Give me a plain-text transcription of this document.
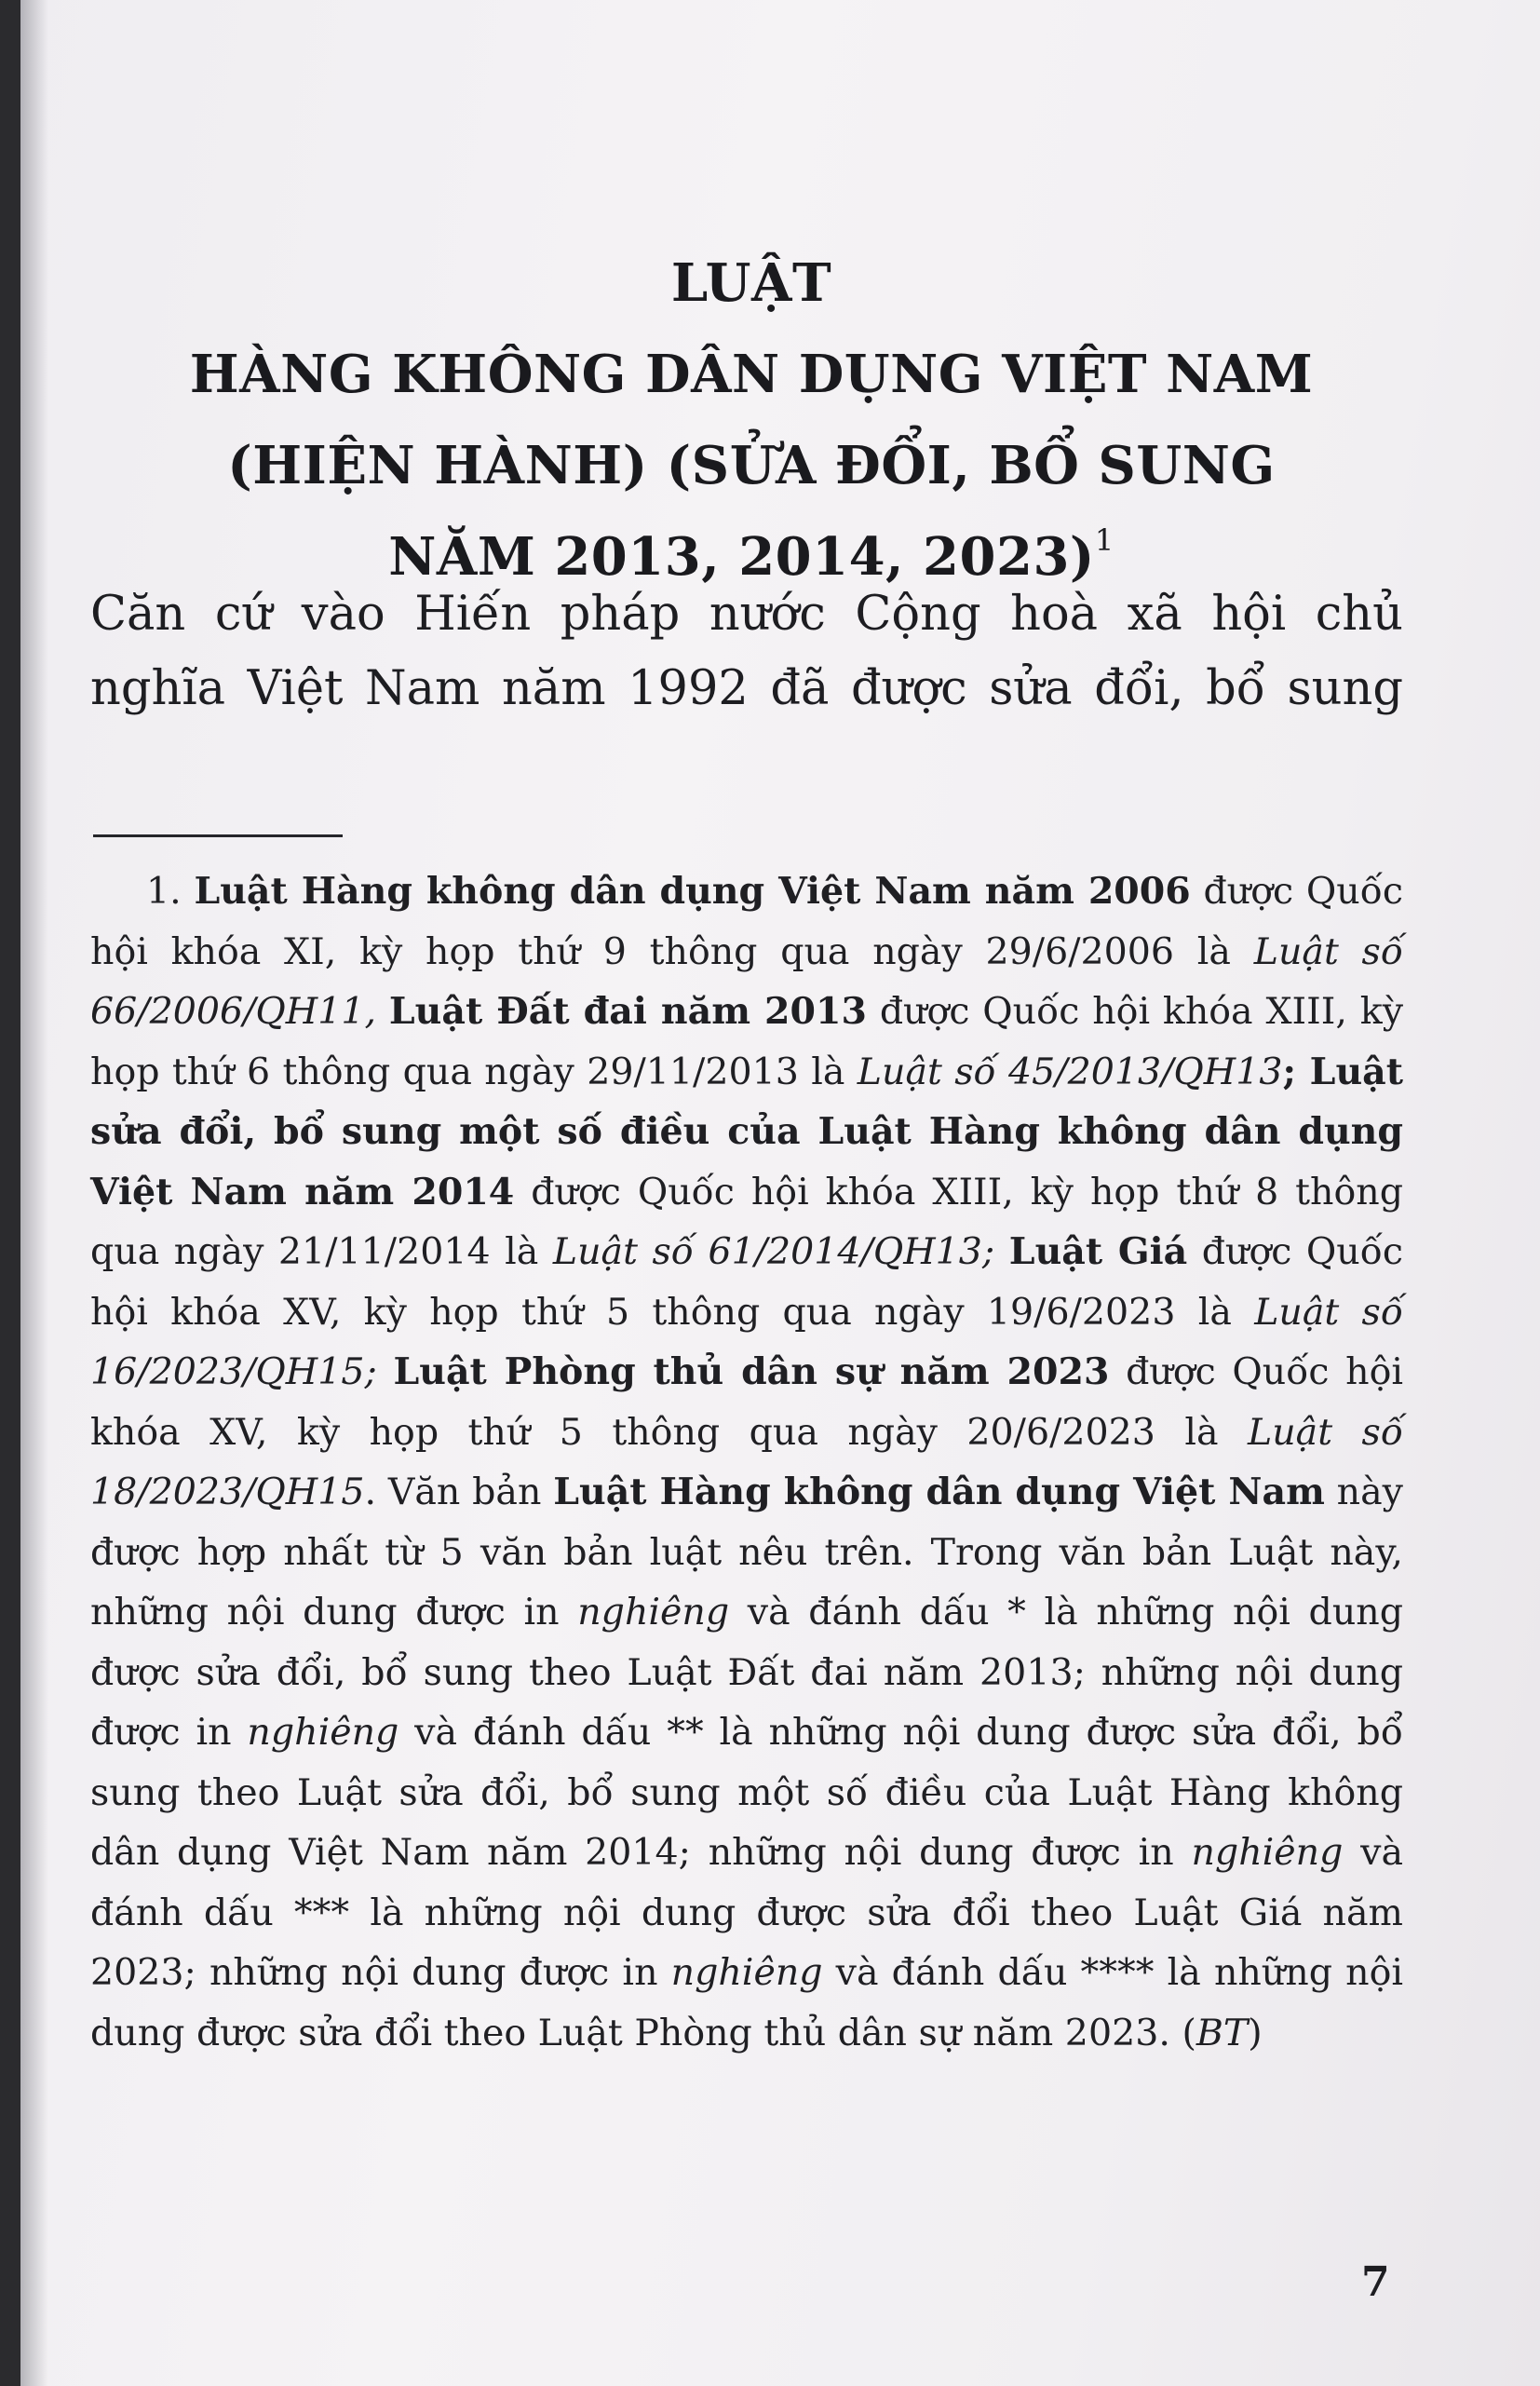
LUẬT
HÀNG KHÔNG DÂN DỤNG VIỆT NAM
(HIỆN HÀNH) (SỬA ĐỔI, BỔ SUNG
NĂM 2013, 2014, 2023)$^1$

Căn cứ vào Hiến pháp nước Cộng hoà xã hội chủ nghĩa Việt Nam năm 1992 đã được sửa đổi, bổ sung

1. Luật Hàng không dân dụng Việt Nam năm 2006 được Quốc hội khóa XI, kỳ họp thứ 9 thông qua ngày 29/6/2006 là Luật số 66/2006/QH11, Luật Đất đai năm 2013 được Quốc hội khóa XIII, kỳ họp thứ 6 thông qua ngày 29/11/2013 là Luật số 45/2013/QH13; Luật sửa đổi, bổ sung một số điều của Luật Hàng không dân dụng Việt Nam năm 2014 được Quốc hội khóa XIII, kỳ họp thứ 8 thông qua ngày 21/11/2014 là Luật số 61/2014/QH13; Luật Giá được Quốc hội khóa XV, kỳ họp thứ 5 thông qua ngày 19/6/2023 là Luật số 16/2023/QH15; Luật Phòng thủ dân sự năm 2023 được Quốc hội khóa XV, kỳ họp thứ 5 thông qua ngày 20/6/2023 là Luật số 18/2023/QH15. Văn bản Luật Hàng không dân dụng Việt Nam này được hợp nhất từ 5 văn bản luật nêu trên. Trong văn bản Luật này, những nội dung được in nghiêng và đánh dấu * là những nội dung được sửa đổi, bổ sung theo Luật Đất đai năm 2013; những nội dung được in nghiêng và đánh dấu ** là những nội dung được sửa đổi, bổ sung theo Luật sửa đổi, bổ sung một số điều của Luật Hàng không dân dụng Việt Nam năm 2014; những nội dung được in nghiêng và đánh dấu *** là những nội dung được sửa đổi theo Luật Giá năm 2023; những nội dung được in nghiêng và đánh dấu **** là những nội dung được sửa đổi theo Luật Phòng thủ dân sự năm 2023. (BT)

7
